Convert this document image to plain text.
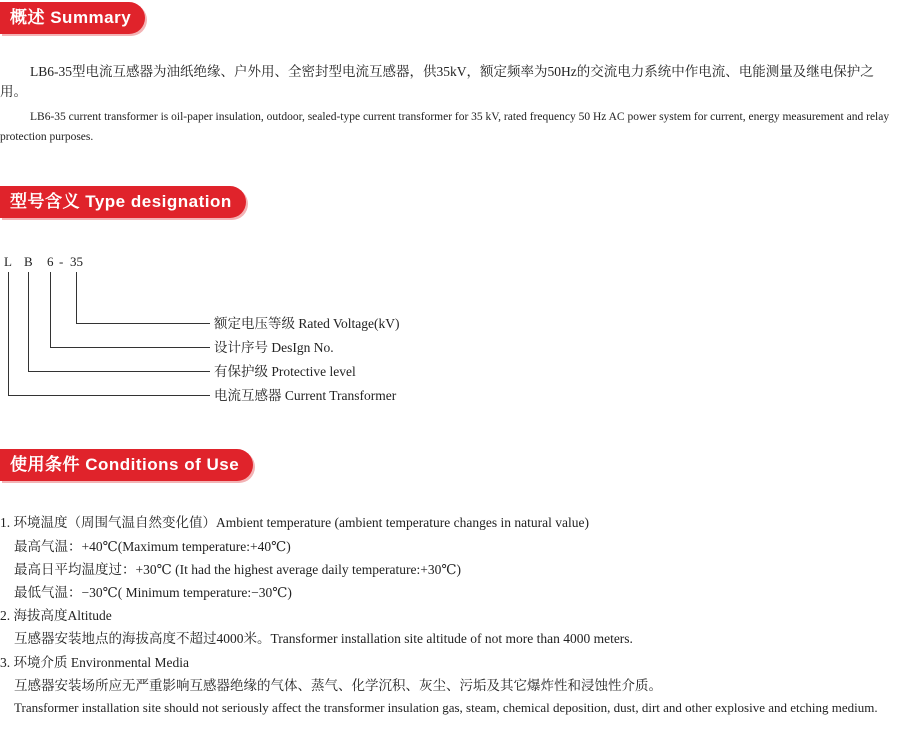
概述 Summary
LB6-35型电流互感器为油纸绝缘、户外用、全密封型电流互感器，供35kV，额定频率为50Hz的交流电力系统中作电流、电能测量及继电保护之用。
LB6-35 current transformer is oil-paper insulation, outdoor, sealed-type current transformer for 35 kV, rated frequency 50 Hz AC power system for current, energy measurement and relay protection purposes.
型号含义 Type designation
L B 6 - 35
额定电压等级 Rated Voltage(kV)
设计序号 DesIgn No.
有保护级 Protective level
电流互感器 Current Transformer
使用条件 Conditions of Use
1. 环境温度（周围气温自然变化值）Ambient temperature (ambient temperature changes in natural value)
最高气温：+40℃(Maximum temperature:+40℃)
最高日平均温度过：+30℃ (It had the highest average daily temperature:+30℃)
最低气温：−30℃( Minimum temperature:−30℃)
2. 海拔高度Altitude
互感器安装地点的海拔高度不超过4000米。Transformer installation site altitude of not more than 4000 meters.
3. 环境介质 Environmental Media
互感器安装场所应无严重影响互感器绝缘的气体、蒸气、化学沉积、灰尘、污垢及其它爆炸性和浸蚀性介质。
Transformer installation site should not seriously affect the transformer insulation gas, steam, chemical deposition, dust, dirt and other explosive and etching medium.
